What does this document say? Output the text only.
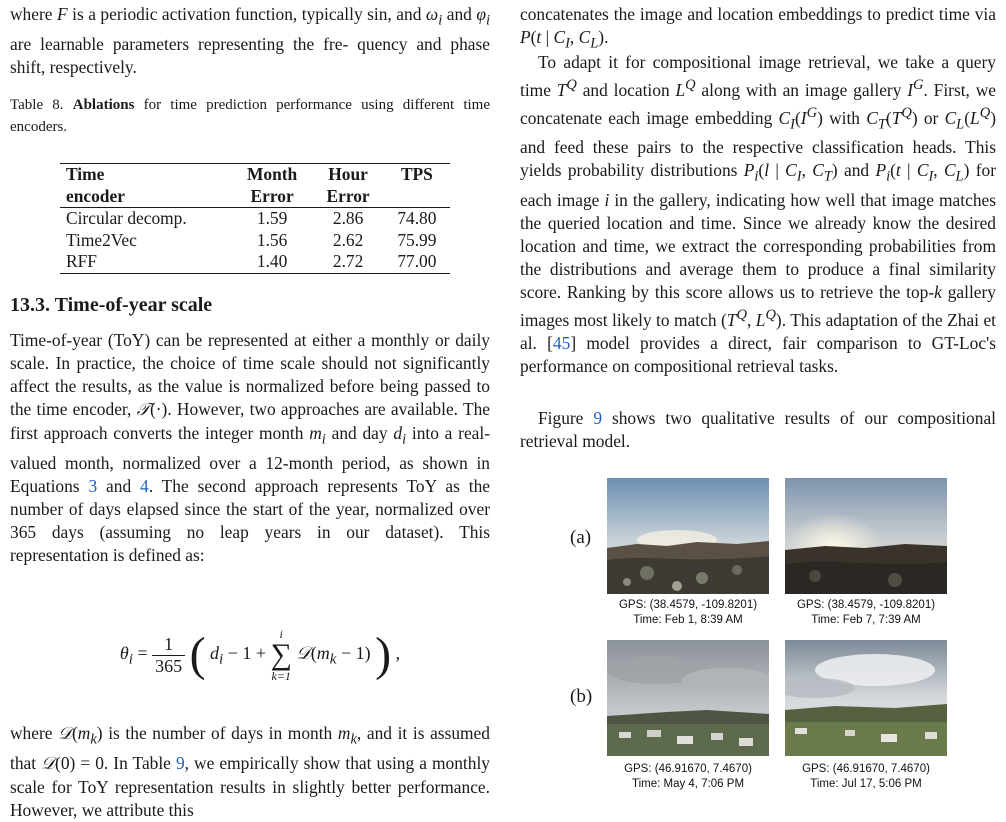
where F is a periodic activation function, typically sin, and $\omega_i$ and $\varphi_i$ are learnable parameters representing the fre- quency and phase shift, respectively.

Table 8. Ablations for time prediction performance using different time encoders.

Time	Month	Hour	TPS
encoder	Error	Error	
Circular decomp.	1.59	2.86	74.80
Time2Vec	1.56	2.62	75.99
RFF	1.40	2.72	77.00
13.3. Time-of-year scale

Time-of-year (ToY) can be represented at either a monthly or daily scale. In practice, the choice of time scale should not significantly affect the results, as the value is normalized before being passed to the time encoder, 𝒯(·). However, two approaches are available. The first approach converts the integer month $m_i$ and day $d_i$ into a real-valued month, normalized over a 12-month period, as shown in Equations 3 and 4. The second approach represents ToY as the number of days elapsed since the start of the year, normalized over 365 days (assuming no leap years in our dataset). This representation is defined as:

$\theta_i = \frac{1}{365}$ ( $d_i - 1$ +
i
∑
k=1
$𝒟(m_k - 1)$ ) ,

where $𝒟(m_k)$ is the number of days in month $m_k$, and it is assumed that 𝒟(0) = 0. In Table 9, we empirically show that using a monthly scale for ToY representation results in slightly better performance. However, we attribute this

concatenates the image and location embeddings to predict time via P(t | $C_I$, $C_L$).

To adapt it for compositional image retrieval, we take a query time $T^Q$ and location $L^Q$ along with an image gallery $I^G$. First, we concatenate each image embedding $C_I(I^G)$ with $C_T(T^Q)$ or $C_L(L^Q)$ and feed these pairs to the respective classification heads. This yields probability distributions $P_i(l$ | $C_I$, $C_T$) and $P_i(t$ | $C_I$, $C_L$) for each image i in the gallery, indicating how well that image matches the queried location and time. Since we already know the desired location and time, we extract the corresponding probabilities from the distributions and average them to produce a final similarity score. Ranking by this score allows us to retrieve the top-k gallery images most likely to match ($T^Q$, $L^Q$). This adaptation of the Zhai et al. [45] model provides a direct, fair comparison to GT-Loc's performance on compositional retrieval tasks.

Figure 9 shows two qualitative results of our compositional retrieval model.

(a)
(b)
GPS: (38.4579, -109.8201)
Time: Feb 1, 8:39 AM
GPS: (38.4579, -109.8201)
Time: Feb 7, 7:39 AM
GPS: (46.91670, 7.4670)
Time: May 4, 7:06 PM
GPS: (46.91670, 7.4670)
Time: Jul 17, 5:06 PM
